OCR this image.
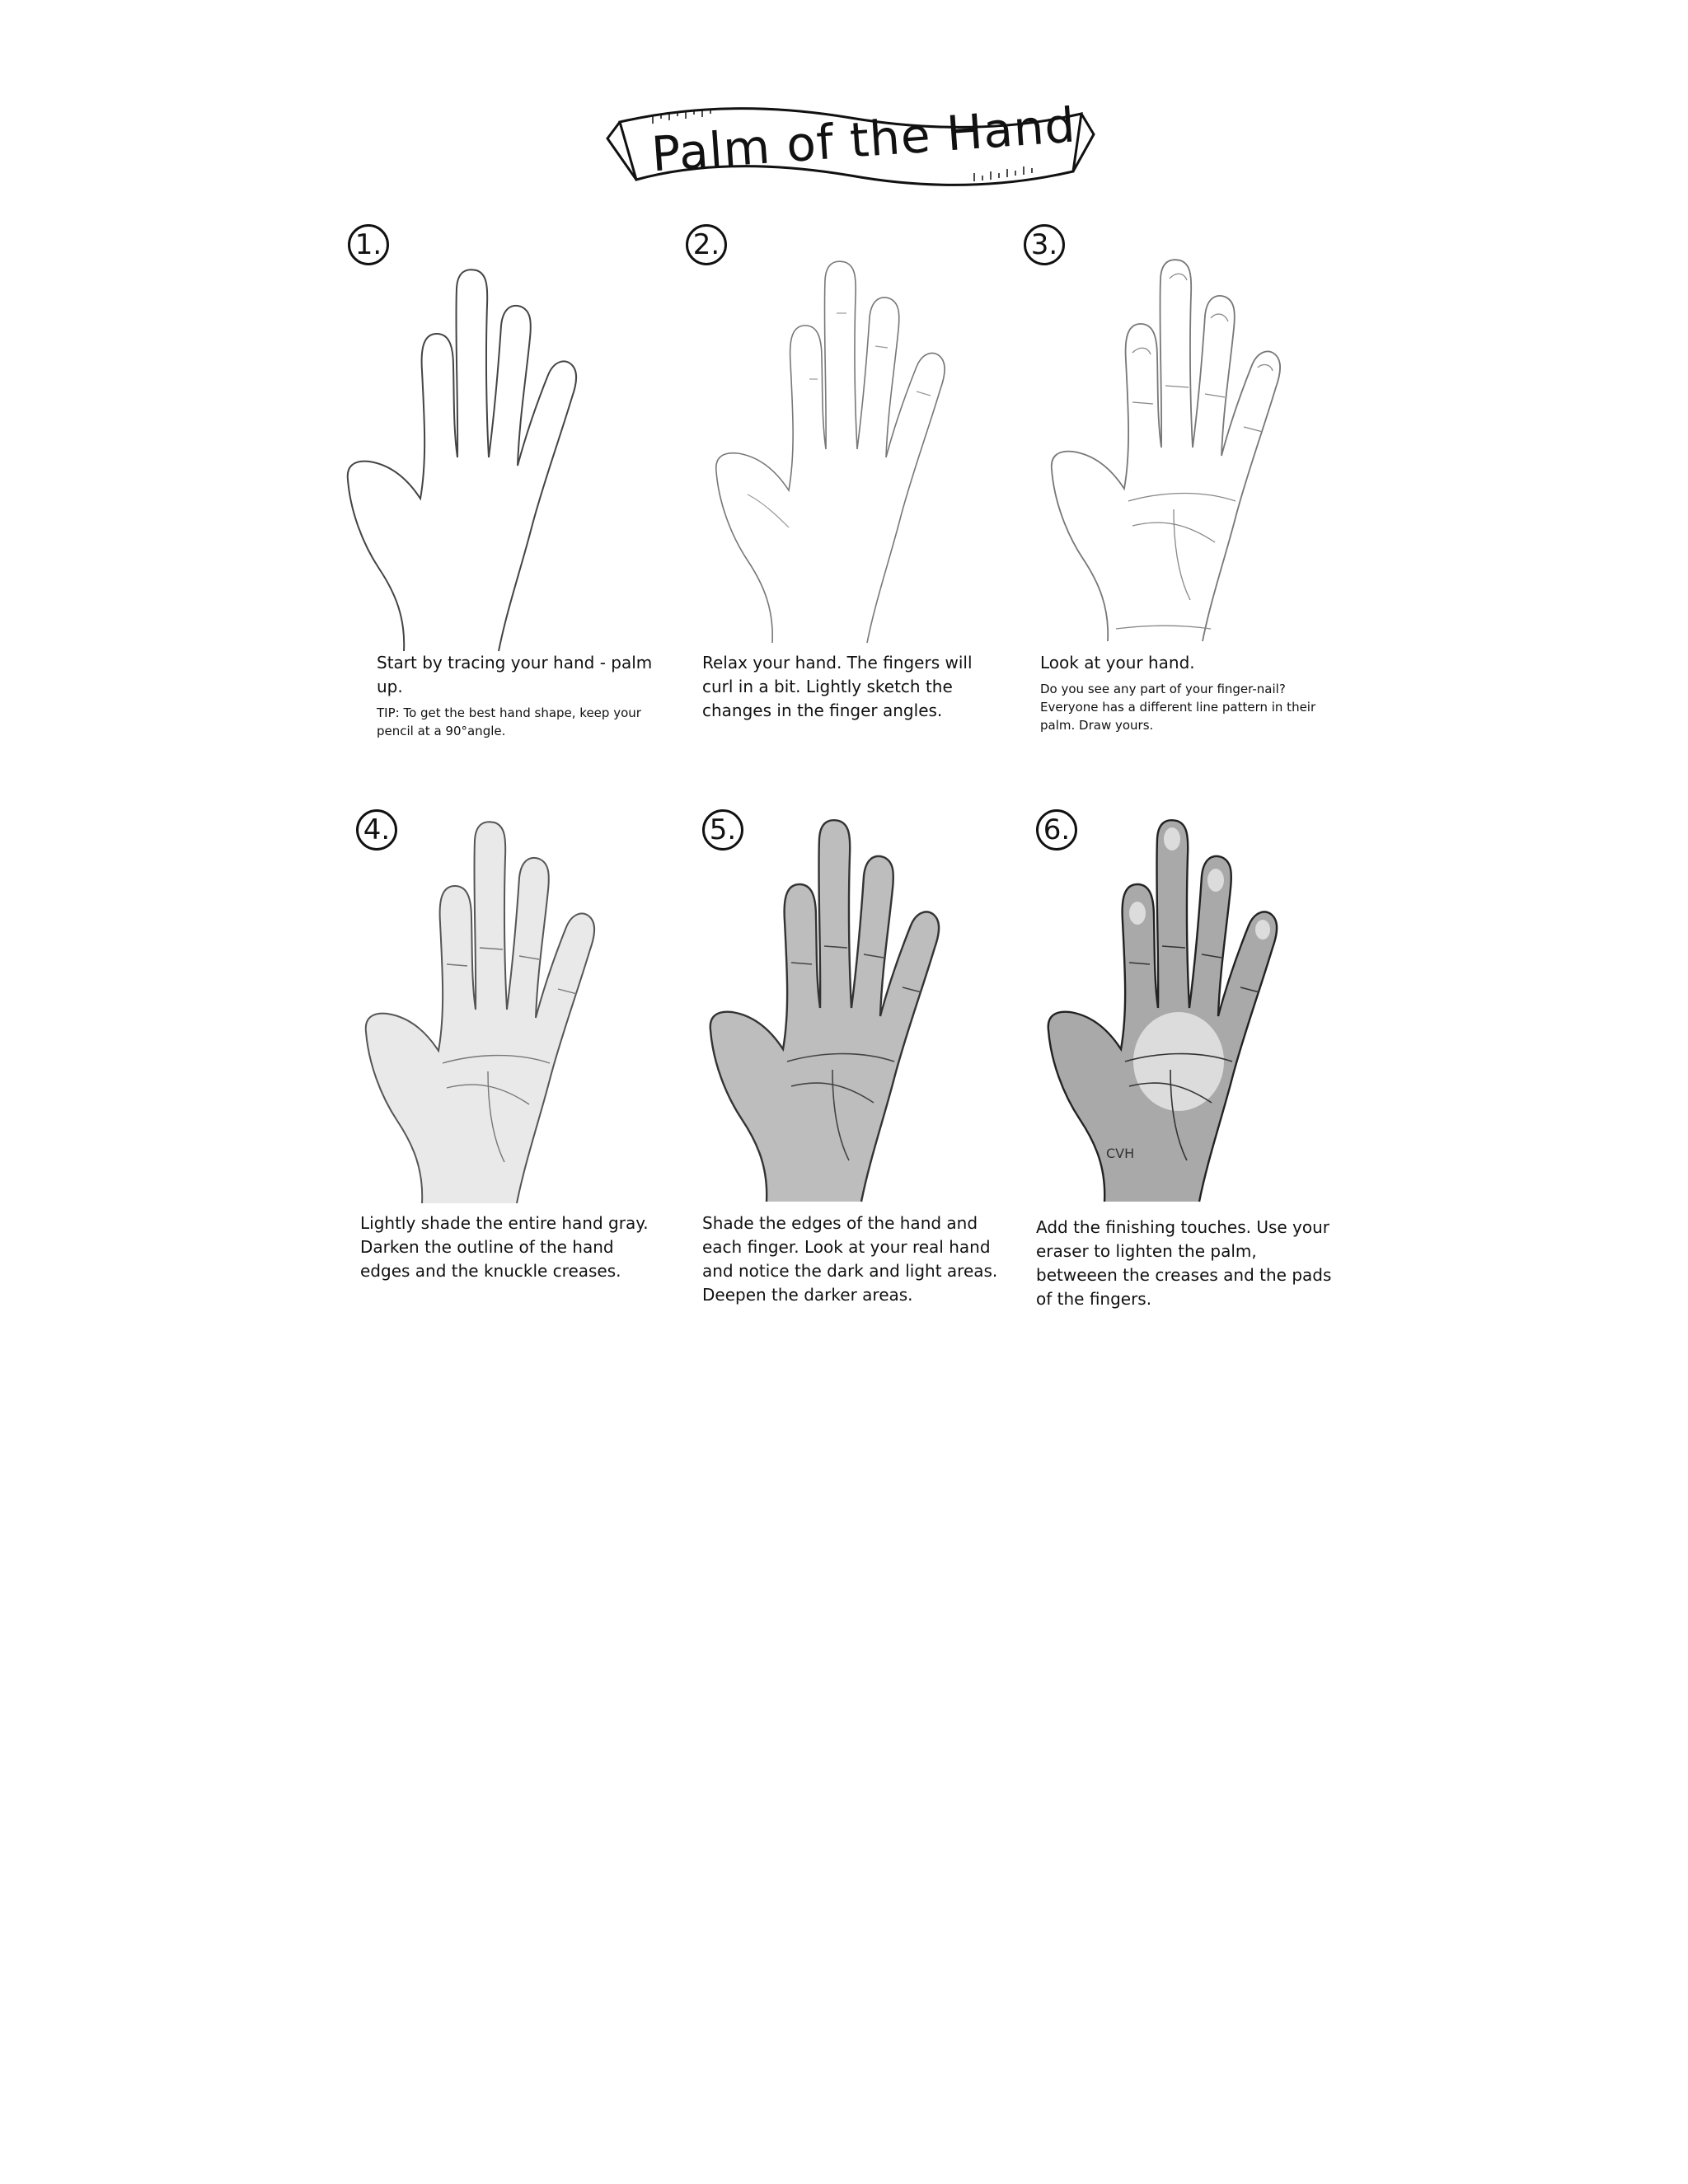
Palm of the Hand
1.
Start by tracing your hand - palm up.
TIP: To get the best hand shape, keep your pencil at a 90°angle.
2.
Relax your hand. The fingers will curl in a bit. Lightly sketch the changes in the finger angles.
3.
Look at your hand.
Do you see any part of your finger-nail? Everyone has a different line pattern in their palm. Draw yours.
4.
Lightly shade the entire hand gray. Darken the outline of the hand edges and the knuckle creases.
5.
Shade the edges of the hand and each finger. Look at your real hand and notice the dark and light areas. Deepen the darker areas.
6.
CVH
Add the finishing touches. Use your eraser to lighten the palm, betweeen the creases and the pads of the fingers.
